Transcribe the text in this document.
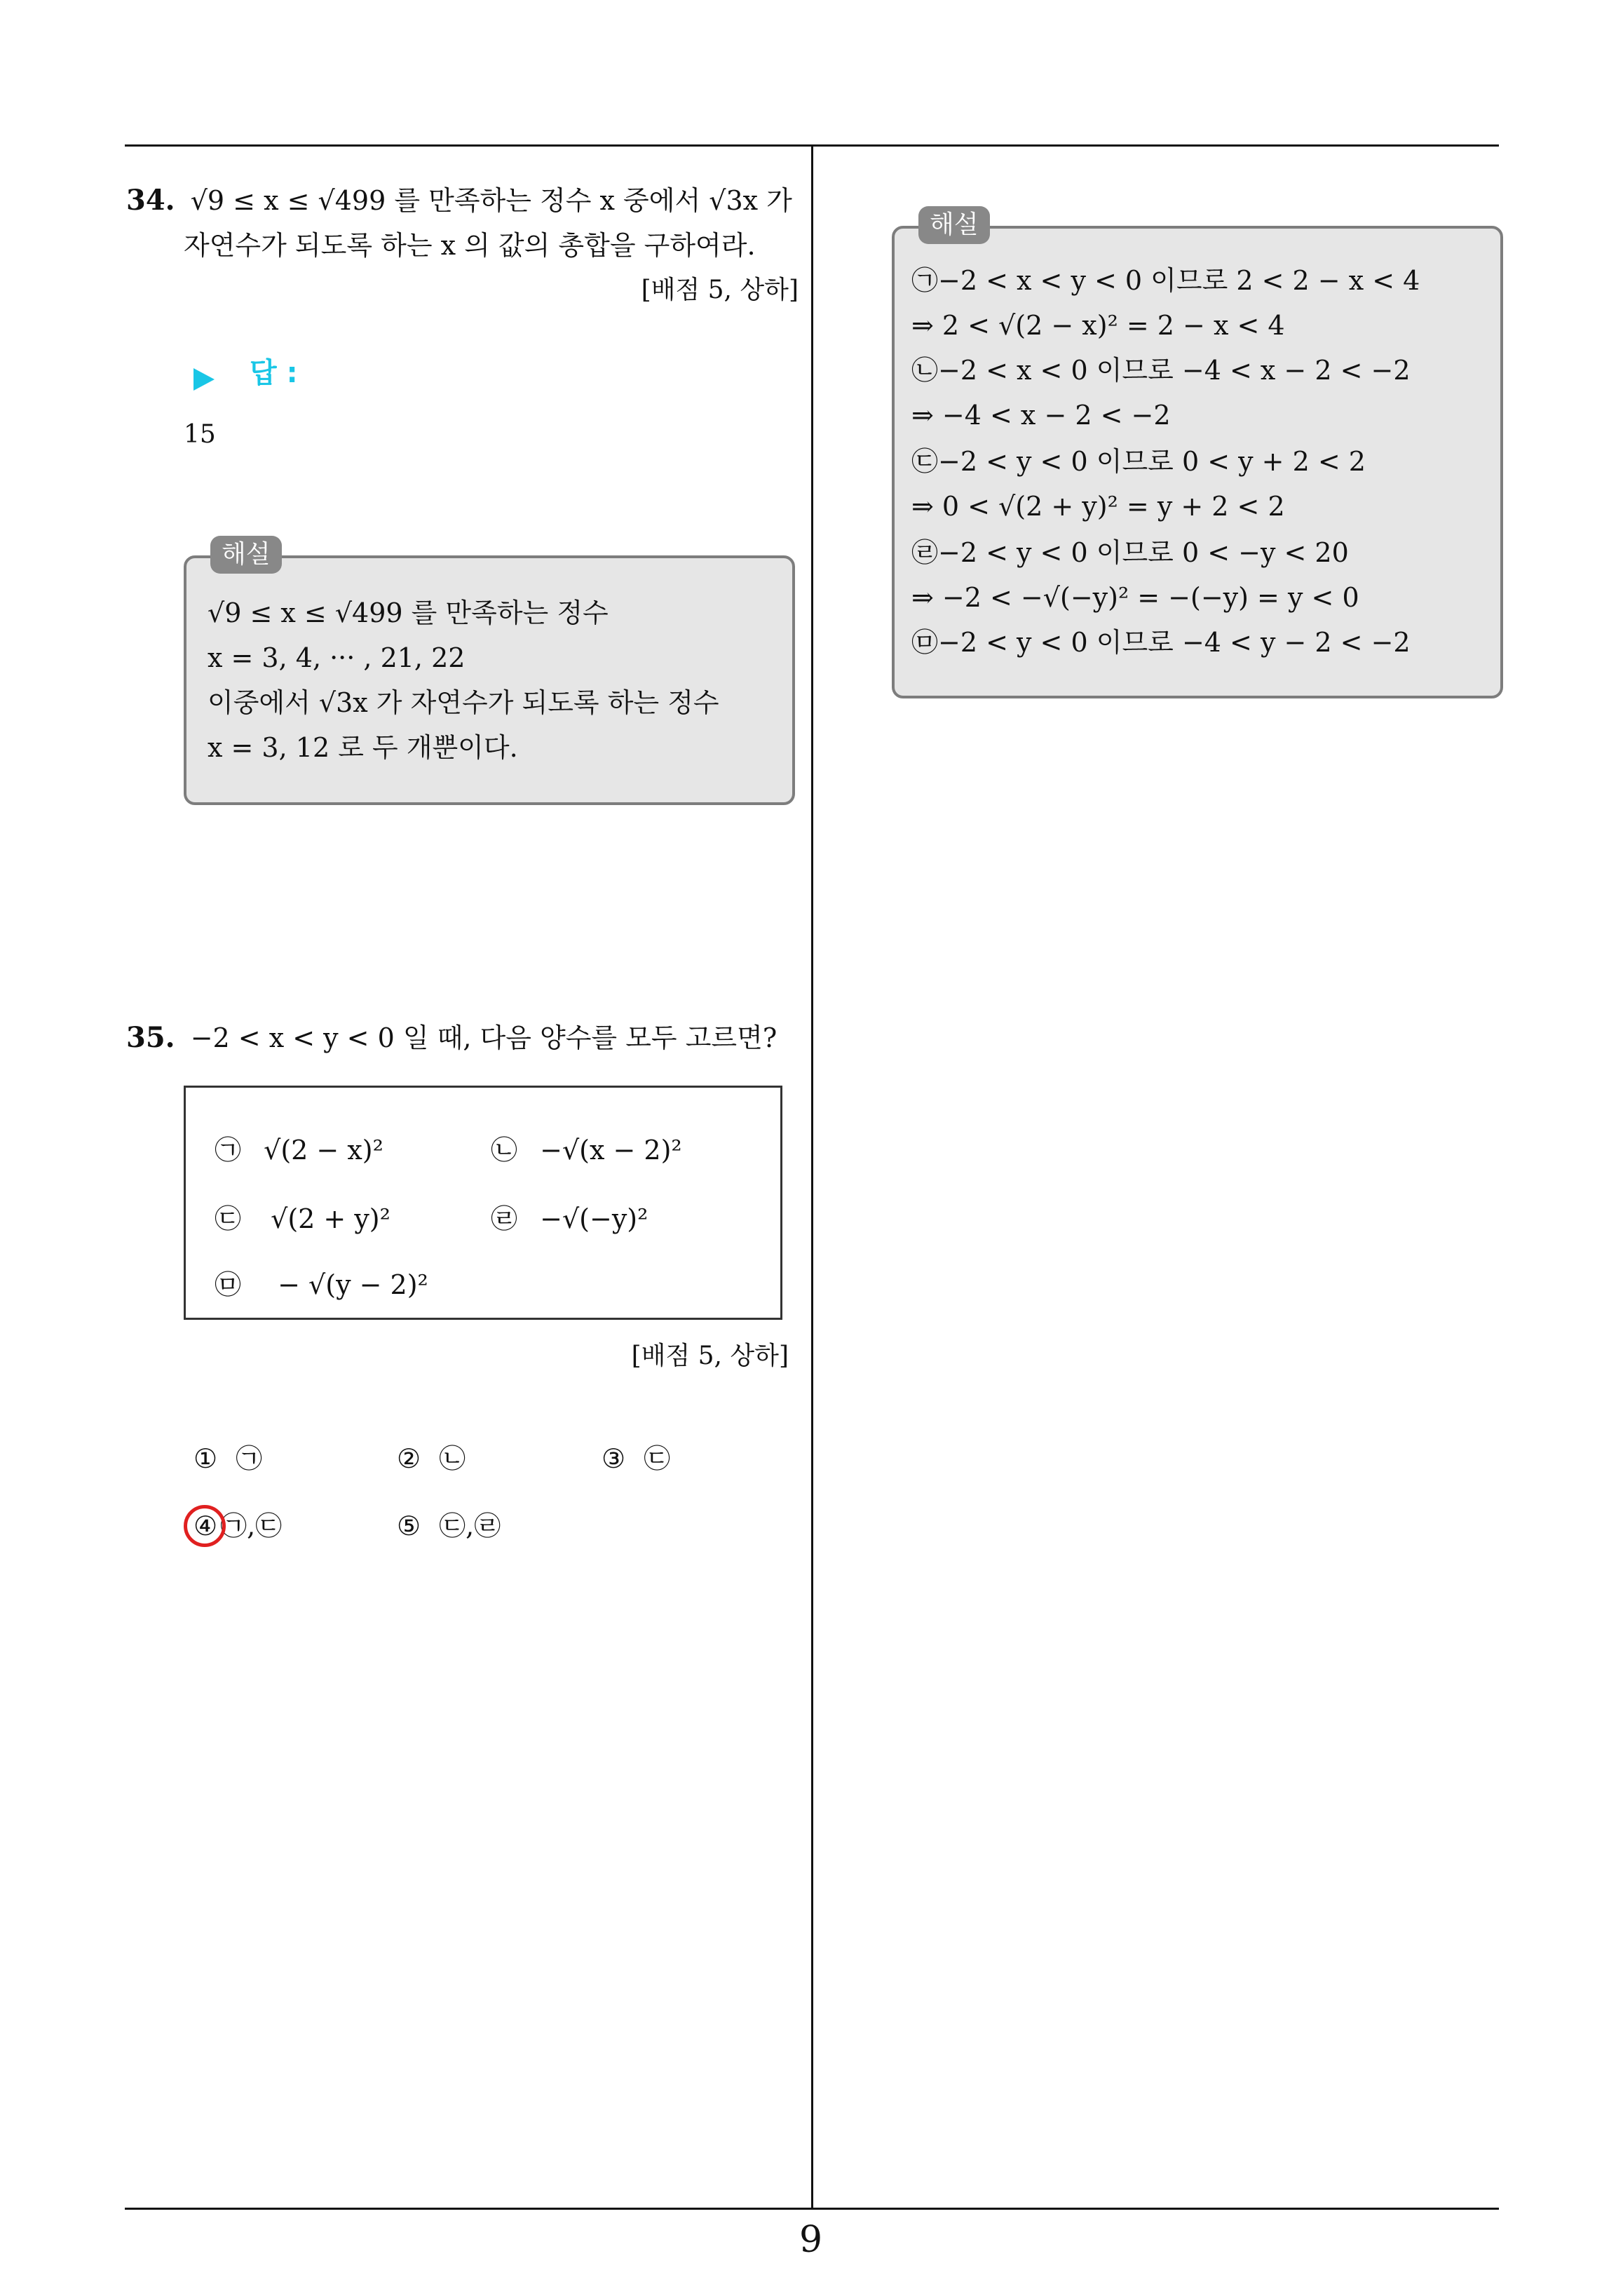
34. √9 ≤ x ≤ √499 를 만족하는 정수 x 중에서 √3x 가
자연수가 되도록 하는 x 의 값의 총합을 구하여라.
[배점 5, 상하]
답 :
15
해설
√9 ≤ x ≤ √499 를 만족하는 정수
x = 3, 4, ··· , 21, 22
이중에서 √3x 가 자연수가 되도록 하는 정수
x = 3, 12 로 두 개뿐이다.
35. −2 < x < y < 0 일 때, 다음 양수를 모두 고르면?
㉠ √(2 − x)²	㉡ −√(x − 2)²
㉢ √(2 + y)²	㉣ −√(−y)²
㉤ − √(y − 2)²
[배점 5, 상하]
① ㉠	② ㉡	③ ㉢
④ ㉠,㉢	⑤ ㉢,㉣
해설
㉠−2 < x < y < 0 이므로 2 < 2 − x < 4
⇒ 2 < √(2 − x)² = 2 − x < 4
㉡−2 < x < 0 이므로 −4 < x − 2 < −2
⇒ −4 < x − 2 < −2
㉢−2 < y < 0 이므로 0 < y + 2 < 2
⇒ 0 < √(2 + y)² = y + 2 < 2
㉣−2 < y < 0 이므로 0 < −y < 20
⇒ −2 < −√(−y)² = −(−y) = y < 0
㉤−2 < y < 0 이므로 −4 < y − 2 < −2
9
